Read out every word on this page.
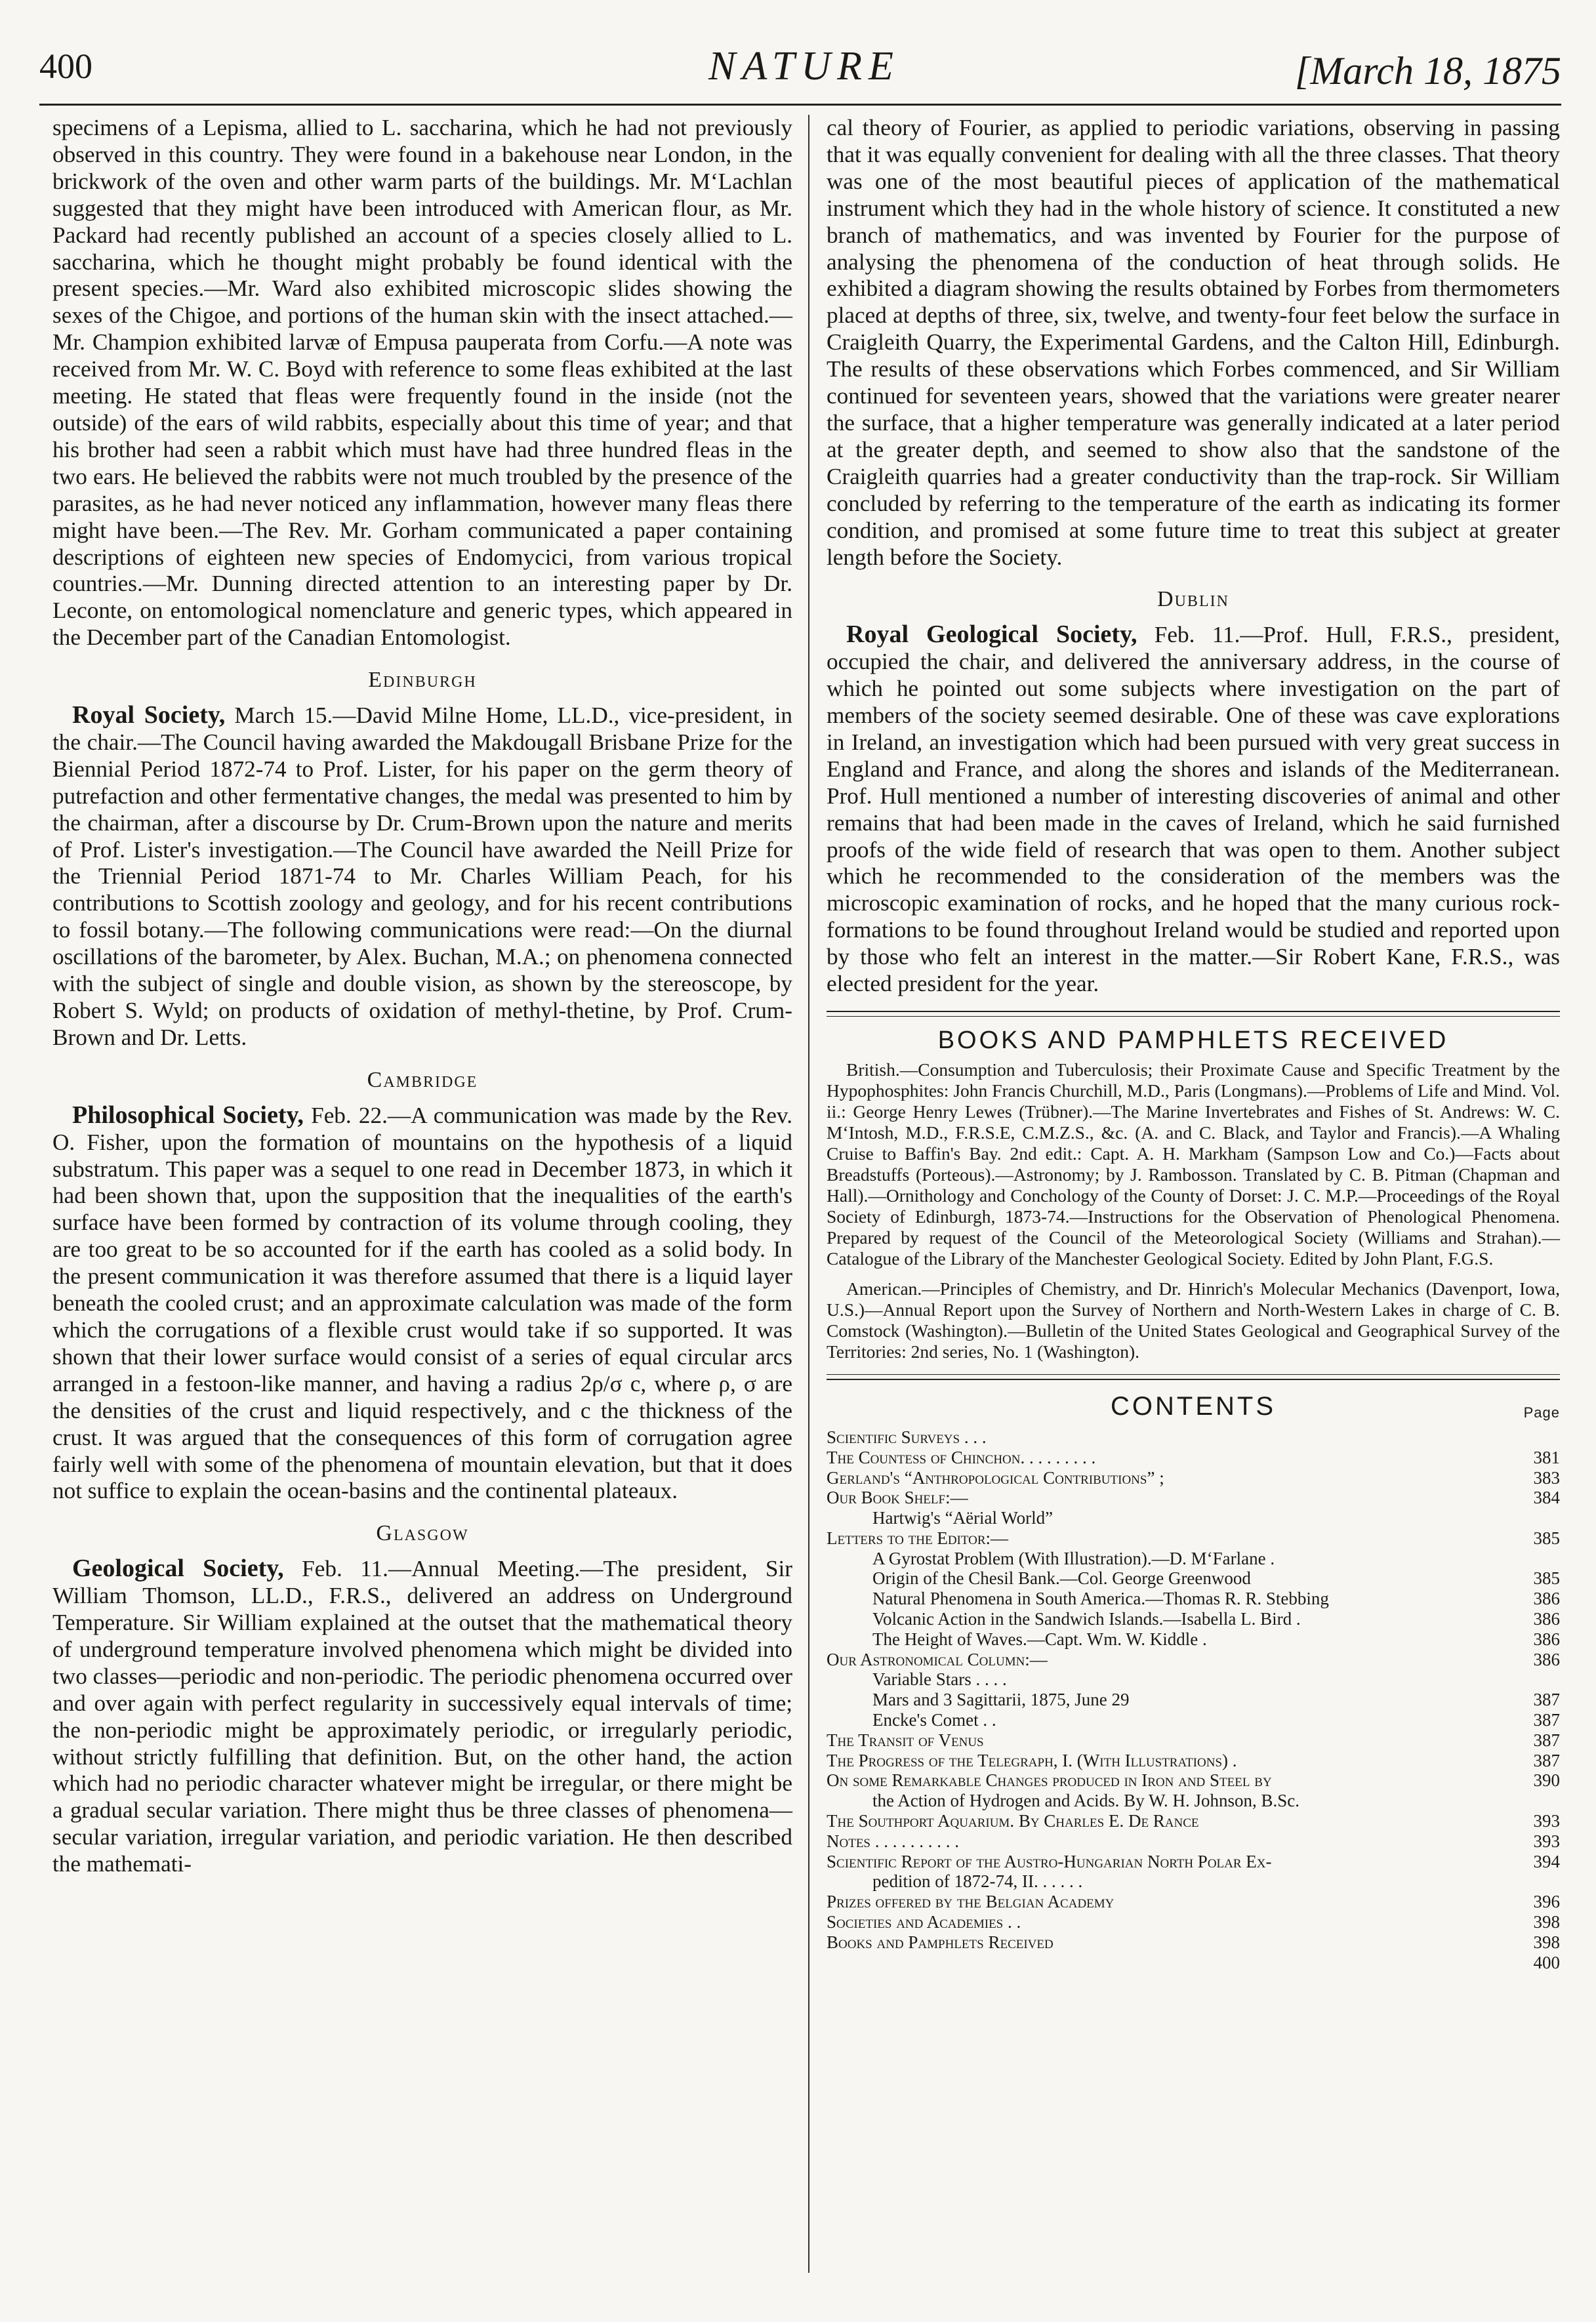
400	NATURE	[March 18, 1875

specimens of a Lepisma, allied to L. saccharina, which he had not previously observed in this country. They were found in a bakehouse near London, in the brickwork of the oven and other warm parts of the buildings. Mr. M‘Lachlan suggested that they might have been introduced with American flour, as Mr. Packard had recently published an account of a species closely allied to L. saccharina, which he thought might probably be found identical with the present species.—Mr. Ward also exhibited microscopic slides showing the sexes of the Chigoe, and portions of the human skin with the insect attached.—Mr. Champion exhibited larvæ of Empusa pauperata from Corfu.—A note was received from Mr. W. C. Boyd with reference to some fleas exhibited at the last meeting. He stated that fleas were frequently found in the inside (not the outside) of the ears of wild rabbits, especially about this time of year; and that his brother had seen a rabbit which must have had three hundred fleas in the two ears. He believed the rabbits were not much troubled by the presence of the parasites, as he had never noticed any inflammation, however many fleas there might have been.—The Rev. Mr. Gorham communicated a paper containing descriptions of eighteen new species of Endomycici, from various tropical countries.—Mr. Dunning directed attention to an interesting paper by Dr. Leconte, on entomological nomenclature and generic types, which appeared in the December part of the Canadian Entomologist.

Edinburgh

Royal Society, March 15.—David Milne Home, LL.D., vice-president, in the chair.—The Council having awarded the Makdougall Brisbane Prize for the Biennial Period 1872-74 to Prof. Lister, for his paper on the germ theory of putrefaction and other fermentative changes, the medal was presented to him by the chairman, after a discourse by Dr. Crum-Brown upon the nature and merits of Prof. Lister's investigation.—The Council have awarded the Neill Prize for the Triennial Period 1871-74 to Mr. Charles William Peach, for his contributions to Scottish zoology and geology, and for his recent contributions to fossil botany.—The following communications were read:—On the diurnal oscillations of the barometer, by Alex. Buchan, M.A.; on phenomena connected with the subject of single and double vision, as shown by the stereoscope, by Robert S. Wyld; on products of oxidation of methyl-thetine, by Prof. Crum-Brown and Dr. Letts.

Cambridge

Philosophical Society, Feb. 22.—A communication was made by the Rev. O. Fisher, upon the formation of mountains on the hypothesis of a liquid substratum. This paper was a sequel to one read in December 1873, in which it had been shown that, upon the supposition that the inequalities of the earth's surface have been formed by contraction of its volume through cooling, they are too great to be so accounted for if the earth has cooled as a solid body. In the present communication it was therefore assumed that there is a liquid layer beneath the cooled crust; and an approximate calculation was made of the form which the corrugations of a flexible crust would take if so supported. It was shown that their lower surface would consist of a series of equal circular arcs arranged in a festoon-like manner, and having a radius 2ρ/σ c, where ρ, σ are the densities of the crust and liquid respectively, and c the thickness of the crust. It was argued that the consequences of this form of corrugation agree fairly well with some of the phenomena of mountain elevation, but that it does not suffice to explain the ocean-basins and the continental plateaux.

Glasgow

Geological Society, Feb. 11.—Annual Meeting.—The president, Sir William Thomson, LL.D., F.R.S., delivered an address on Underground Temperature. Sir William explained at the outset that the mathematical theory of underground temperature involved phenomena which might be divided into two classes—periodic and non-periodic. The periodic phenomena occurred over and over again with perfect regularity in successively equal intervals of time; the non-periodic might be approximately periodic, or irregularly periodic, without strictly fulfilling that definition. But, on the other hand, the action which had no periodic character whatever might be irregular, or there might be a gradual secular variation. There might thus be three classes of phenomena—secular variation, irregular variation, and periodic variation. He then described the mathemati-

cal theory of Fourier, as applied to periodic variations, observing in passing that it was equally convenient for dealing with all the three classes. That theory was one of the most beautiful pieces of application of the mathematical instrument which they had in the whole history of science. It constituted a new branch of mathematics, and was invented by Fourier for the purpose of analysing the phenomena of the conduction of heat through solids. He exhibited a diagram showing the results obtained by Forbes from thermometers placed at depths of three, six, twelve, and twenty-four feet below the surface in Craigleith Quarry, the Experimental Gardens, and the Calton Hill, Edinburgh. The results of these observations which Forbes commenced, and Sir William continued for seventeen years, showed that the variations were greater nearer the surface, that a higher temperature was generally indicated at a later period at the greater depth, and seemed to show also that the sandstone of the Craigleith quarries had a greater conductivity than the trap-rock. Sir William concluded by referring to the temperature of the earth as indicating its former condition, and promised at some future time to treat this subject at greater length before the Society.

Dublin

Royal Geological Society, Feb. 11.—Prof. Hull, F.R.S., president, occupied the chair, and delivered the anniversary address, in the course of which he pointed out some subjects where investigation on the part of members of the society seemed desirable. One of these was cave explorations in Ireland, an investigation which had been pursued with very great success in England and France, and along the shores and islands of the Mediterranean. Prof. Hull mentioned a number of interesting discoveries of animal and other remains that had been made in the caves of Ireland, which he said furnished proofs of the wide field of research that was open to them. Another subject which he recommended to the consideration of the members was the microscopic examination of rocks, and he hoped that the many curious rock-formations to be found throughout Ireland would be studied and reported upon by those who felt an interest in the matter.—Sir Robert Kane, F.R.S., was elected president for the year.

BOOKS AND PAMPHLETS RECEIVED

British.—Consumption and Tuberculosis; their Proximate Cause and Specific Treatment by the Hypophosphites: John Francis Churchill, M.D., Paris (Longmans).—Problems of Life and Mind. Vol. ii.: George Henry Lewes (Trübner).—The Marine Invertebrates and Fishes of St. Andrews: W. C. M‘Intosh, M.D., F.R.S.E, C.M.Z.S., &c. (A. and C. Black, and Taylor and Francis).—A Whaling Cruise to Baffin's Bay. 2nd edit.: Capt. A. H. Markham (Sampson Low and Co.)—Facts about Breadstuffs (Porteous).—Astronomy; by J. Rambosson. Translated by C. B. Pitman (Chapman and Hall).—Ornithology and Conchology of the County of Dorset: J. C. M.P.—Proceedings of the Royal Society of Edinburgh, 1873-74.—Instructions for the Observation of Phenological Phenomena. Prepared by request of the Council of the Meteorological Society (Williams and Strahan).—Catalogue of the Library of the Manchester Geological Society. Edited by John Plant, F.G.S.

American.—Principles of Chemistry, and Dr. Hinrich's Molecular Mechanics (Davenport, Iowa, U.S.)—Annual Report upon the Survey of Northern and North-Western Lakes in charge of C. B. Comstock (Washington).—Bulletin of the United States Geological and Geographical Survey of the Territories: 2nd series, No. 1 (Washington).

CONTENTS	Page
Scientific Surveys . . .
The Countess of Chinchon. . . . . . . . .	381
Gerland's “Anthropological Contributions” ;	383
Our Book Shelf:—	384
Hartwig's “Aërial World”
Letters to the Editor:—	385
A Gyrostat Problem (With Illustration).—D. M‘Farlane .
Origin of the Chesil Bank.—Col. George Greenwood	385
Natural Phenomena in South America.—Thomas R. R. Stebbing	386
Volcanic Action in the Sandwich Islands.—Isabella L. Bird .	386
The Height of Waves.—Capt. Wm. W. Kiddle .	386
Our Astronomical Column:—	386
Variable Stars . . . .
Mars and 3 Sagittarii, 1875, June 29	387
Encke's Comet . .	387
The Transit of Venus	387
The Progress of the Telegraph, I. (With Illustrations) .	387
On some Remarkable Changes produced in Iron and Steel by	390
the Action of Hydrogen and Acids. By W. H. Johnson, B.Sc.
The Southport Aquarium. By Charles E. De Rance	393
Notes . . . . . . . . . .	393
Scientific Report of the Austro-Hungarian North Polar Ex-	394
pedition of 1872-74, II. . . . . .
Prizes offered by the Belgian Academy	396
Societies and Academies . .	398
Books and Pamphlets Received	398
400
